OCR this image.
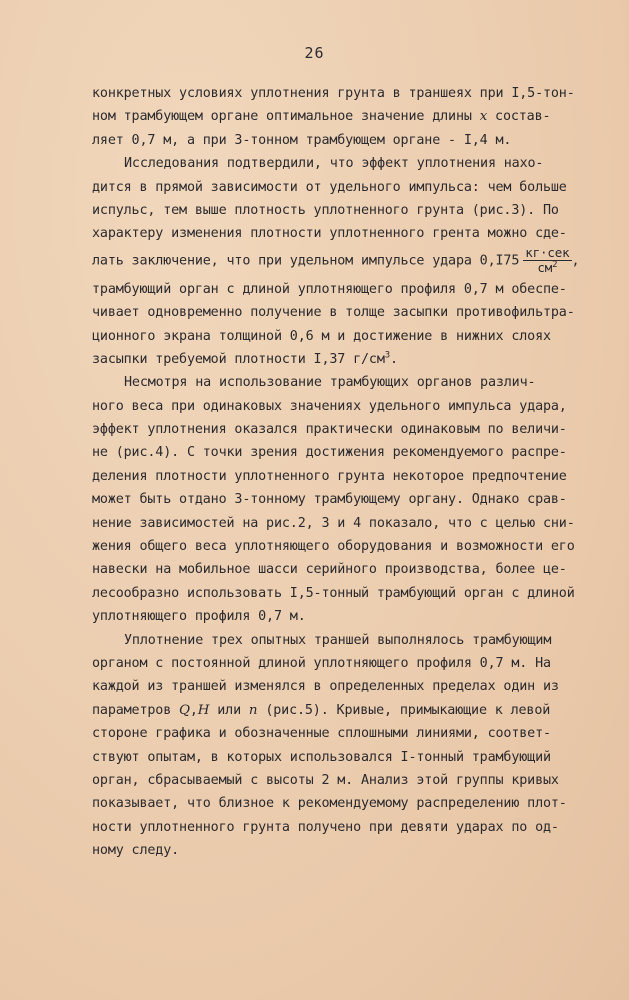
26
конкретных условиях уплотнения грунта в траншеях при I,5-тон-
ном трамбующем органе оптимальное значение длины x состав-
ляет 0,7 м, а при 3-тонном трамбующем органе - I,4 м.
Исследования подтвердили, что эффект уплотнения нахо-
дится в прямой зависимости от удельного импульса: чем больше
испульс, тем выше плотность уплотненного грунта (рис.3). По
характеру изменения плотности уплотненного грента можно сде-
лать заключение, что при удельном импульсе удара $0,I75 \frac{\text{кг·сек}}{см^2}$ ,
трамбующий орган с длиной уплотняющего профиля 0,7 м обеспе-
чивает одновременно получение в толще засыпки противофильтра-
ционного экрана толщиной 0,6 м и достижение в нижних слоях
засыпки требуемой плотности I,37 $г/см^3$.
Несмотря на использование трамбующих органов различ-
ного веса при одинаковых значениях удельного импульса удара,
эффект уплотнения оказался практически одинаковым по величи-
не (рис.4). С точки зрения достижения рекомендуемого распре-
деления плотности уплотненного грунта некоторое предпочтение
может быть отдано 3-тонному трамбующему органу. Однако срав-
нение зависимостей на рис.2, 3 и 4 показало, что с целью сни-
жения общего веса уплотняющего оборудования и возможности его
навески на мобильное шасси серийного производства, более це-
лесообразно использовать I,5-тонный трамбующий орган с длиной
уплотняющего профиля 0,7 м.
Уплотнение трех опытных траншей выполнялось трамбующим
органом с постоянной длиной уплотняющего профиля 0,7 м. На
каждой из траншей изменялся в определенных пределах один из
параметров Q,H или n (рис.5). Кривые, примыкающие к левой
стороне графика и обозначенные сплошными линиями, соответ-
ствуют опытам, в которых использовался I-тонный трамбующий
орган, сбрасываемый с высоты 2 м. Анализ этой группы кривых
показывает, что близное к рекомендуемому распределению плот-
ности уплотненного грунта получено при девяти ударах по од-
ному следу.
